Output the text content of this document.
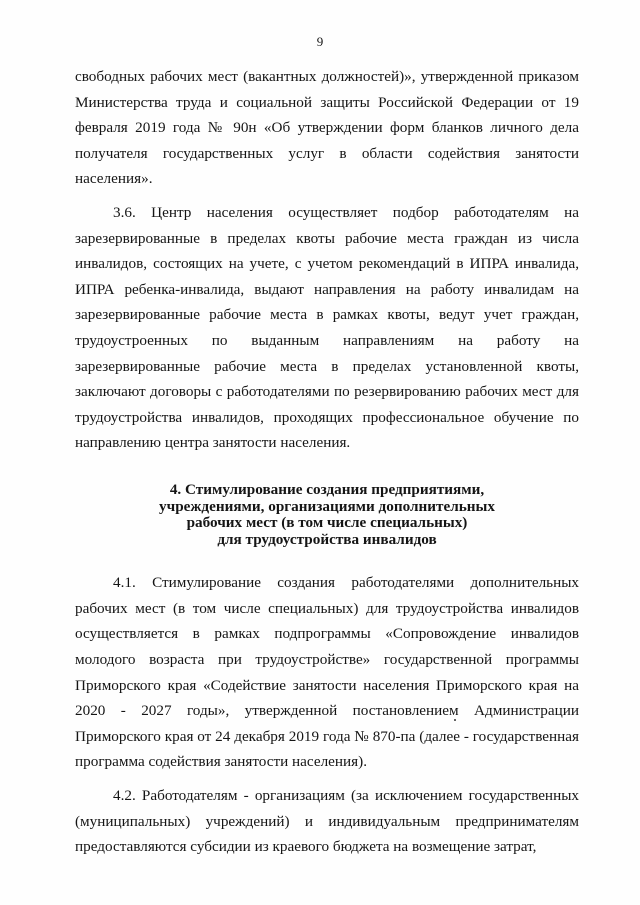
9

свободных рабочих мест (вакантных должностей)», утвержденной приказом Министерства труда и социальной защиты Российской Федерации от 19 февраля 2019 года № 90н «Об утверждении форм бланков личного дела получателя государственных услуг в области содействия занятости населения».

3.6. Центр населения осуществляет подбор работодателям на зарезервированные в пределах квоты рабочие места граждан из числа инвалидов, состоящих на учете, с учетом рекомендаций в ИПРА инвалида, ИПРА ребенка-инвалида, выдают направления на работу инвалидам на зарезервированные рабочие места в рамках квоты, ведут учет граждан, трудоустроенных по выданным направлениям на работу на зарезервированные рабочие места в пределах установленной квоты, заключают договоры с работодателями по резервированию рабочих мест для трудоустройства инвалидов, проходящих профессиональное обучение по направлению центра занятости населения.

4. Стимулирование создания предприятиями,
учреждениями, организациями дополнительных
рабочих мест (в том числе специальных)
для трудоустройства инвалидов

4.1. Стимулирование создания работодателями дополнительных рабочих мест (в том числе специальных) для трудоустройства инвалидов осуществляется в рамках подпрограммы «Сопровождение инвалидов молодого возраста при трудоустройстве» государственной программы Приморского края «Содействие занятости населения Приморского края на 2020 - 2027 годы», утвержденной постановлением Администрации Приморского края от 24 декабря 2019 года № 870-па (далее - государственная программа содействия занятости населения).

4.2. Работодателям - организациям (за исключением государственных (муниципальных) учреждений) и индивидуальным предпринимателям предоставляются субсидии из краевого бюджета на возмещение затрат,
